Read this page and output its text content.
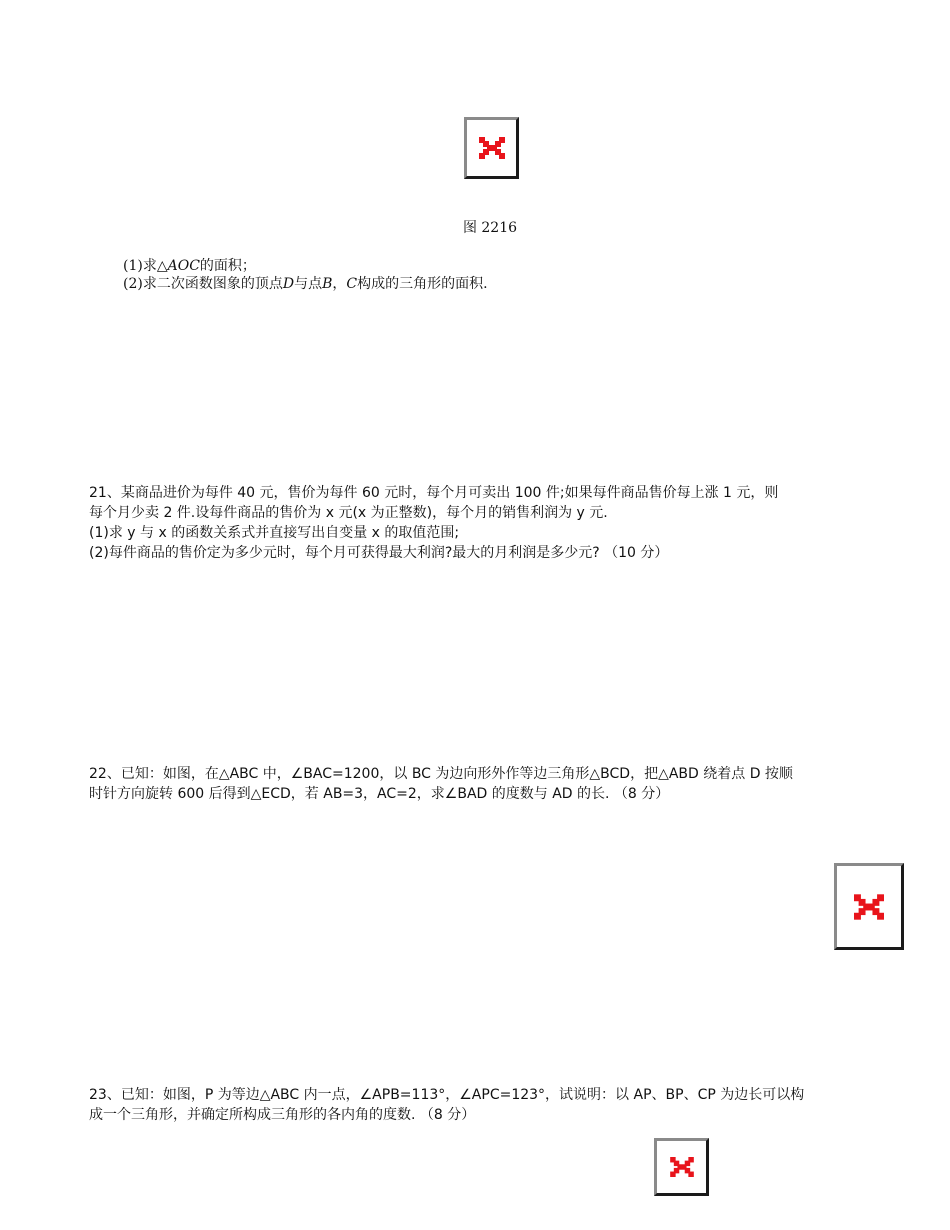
图 2216
(1)求△AOC的面积；
(2)求二次函数图象的顶点D与点B，C构成的三角形的面积.
21、某商品进价为每件 40 元，售价为每件 60 元时，每个月可卖出 100 件;如果每件商品售价每上涨 1 元，则
每个月少卖 2 件.设每件商品的售价为 x 元(x 为正整数)，每个月的销售利润为 y 元.
(1)求 y 与 x 的函数关系式并直接写出自变量 x 的取值范围;
(2)每件商品的售价定为多少元时，每个月可获得最大利润?最大的月利润是多少元? （10 分）
22、已知：如图，在△ABC 中，∠BAC=1200，以 BC 为边向形外作等边三角形△BCD，把△ABD 绕着点 D 按顺
时针方向旋转 600 后得到△ECD，若 AB=3，AC=2，求∠BAD 的度数与 AD 的长. （8 分）
23、已知：如图，P 为等边△ABC 内一点，∠APB=113°，∠APC=123°，试说明：以 AP、BP、CP 为边长可以构
成一个三角形，并确定所构成三角形的各内角的度数. （8 分）
